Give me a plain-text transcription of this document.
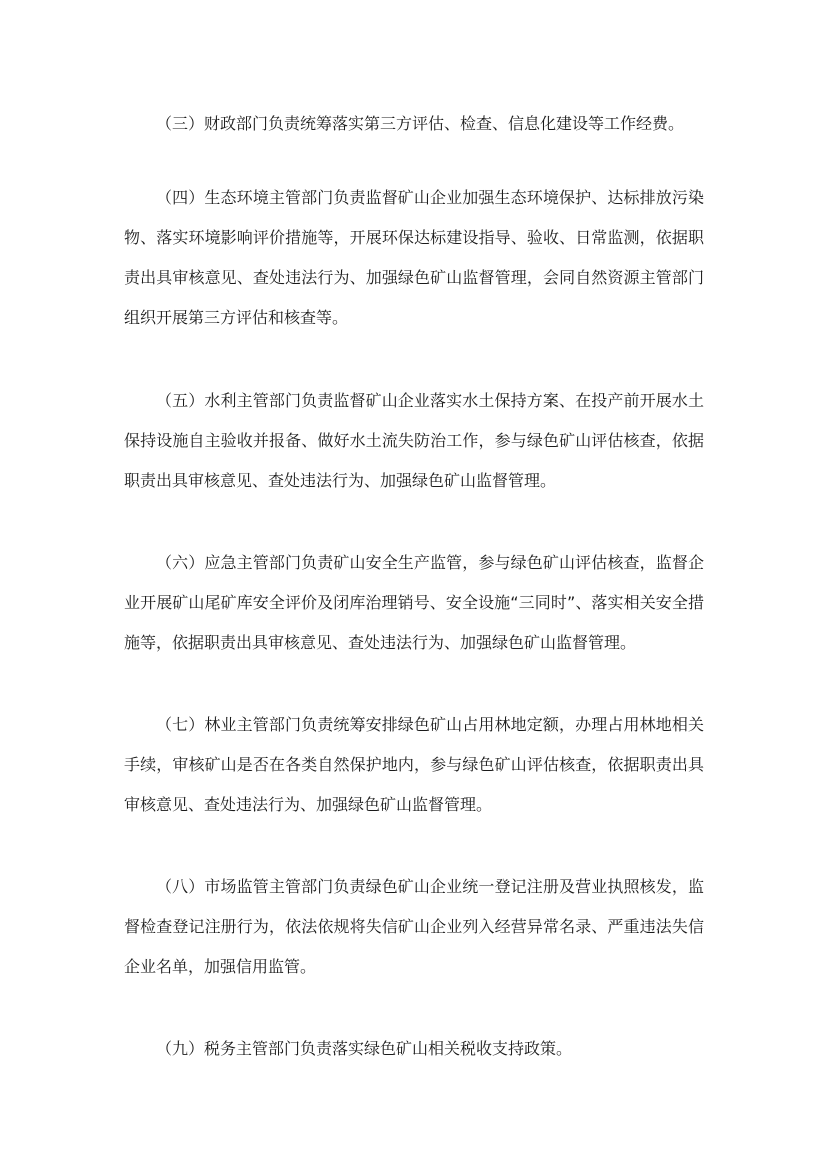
（三）财政部门负责统筹落实第三方评估、检查、信息化建设等工作经费。

（四）生态环境主管部门负责监督矿山企业加强生态环境保护、达标排放污染物、落实环境影响评价措施等，开展环保达标建设指导、验收、日常监测，依据职责出具审核意见、查处违法行为、加强绿色矿山监督管理，会同自然资源主管部门组织开展第三方评估和核查等。

（五）水利主管部门负责监督矿山企业落实水土保持方案、在投产前开展水土保持设施自主验收并报备、做好水土流失防治工作，参与绿色矿山评估核查，依据职责出具审核意见、查处违法行为、加强绿色矿山监督管理。

（六）应急主管部门负责矿山安全生产监管，参与绿色矿山评估核查，监督企业开展矿山尾矿库安全评价及闭库治理销号、安全设施“三同时”、落实相关安全措施等，依据职责出具审核意见、查处违法行为、加强绿色矿山监督管理。

（七）林业主管部门负责统筹安排绿色矿山占用林地定额，办理占用林地相关手续，审核矿山是否在各类自然保护地内，参与绿色矿山评估核查，依据职责出具审核意见、查处违法行为、加强绿色矿山监督管理。

（八）市场监管主管部门负责绿色矿山企业统一登记注册及营业执照核发，监督检查登记注册行为，依法依规将失信矿山企业列入经营异常名录、严重违法失信企业名单，加强信用监管。

（九）税务主管部门负责落实绿色矿山相关税收支持政策。
